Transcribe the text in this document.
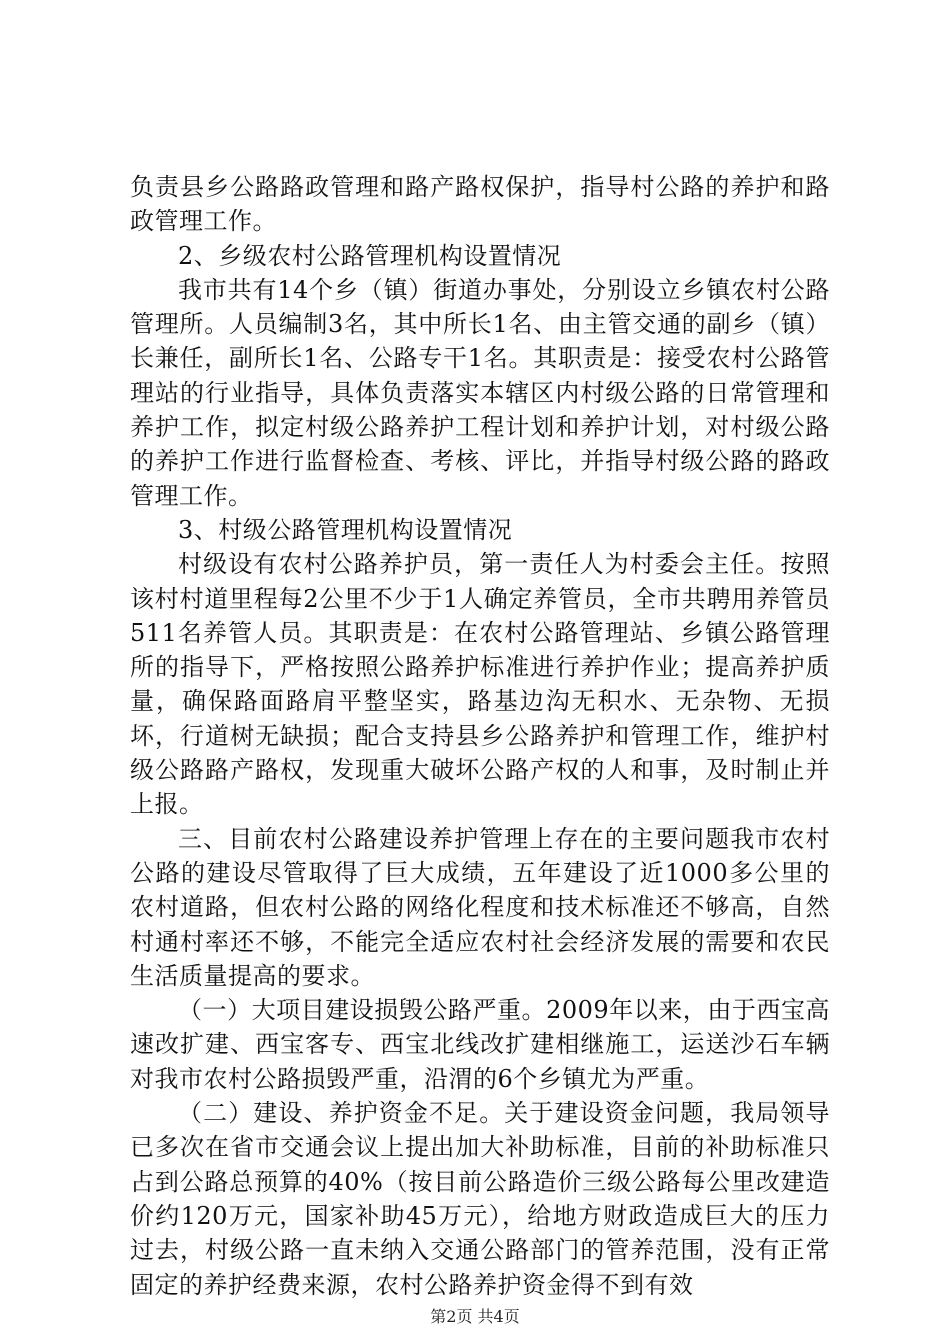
负责县乡公路路政管理和路产路权保护，指导村公路的养护和路政管理工作。

2、乡级农村公路管理机构设置情况

我市共有14个乡（镇）街道办事处，分别设立乡镇农村公路管理所。人员编制3名，其中所长1名、由主管交通的副乡（镇）长兼任，副所长1名、公路专干1名。其职责是：接受农村公路管理站的行业指导，具体负责落实本辖区内村级公路的日常管理和养护工作，拟定村级公路养护工程计划和养护计划，对村级公路的养护工作进行监督检查、考核、评比，并指导村级公路的路政管理工作。

3、村级公路管理机构设置情况

村级设有农村公路养护员，第一责任人为村委会主任。按照该村村道里程每2公里不少于1人确定养管员，全市共聘用养管员511名养管人员。其职责是：在农村公路管理站、乡镇公路管理所的指导下，严格按照公路养护标准进行养护作业；提高养护质量，确保路面路肩平整坚实，路基边沟无积水、无杂物、无损坏，行道树无缺损；配合支持县乡公路养护和管理工作，维护村级公路路产路权，发现重大破坏公路产权的人和事，及时制止并上报。

三、目前农村公路建设养护管理上存在的主要问题我市农村公路的建设尽管取得了巨大成绩，五年建设了近1000多公里的农村道路，但农村公路的网络化程度和技术标准还不够高，自然村通村率还不够，不能完全适应农村社会经济发展的需要和农民生活质量提高的要求。

（一）大项目建设损毁公路严重。2009年以来，由于西宝高速改扩建、西宝客专、西宝北线改扩建相继施工，运送沙石车辆对我市农村公路损毁严重，沿渭的6个乡镇尤为严重。

（二）建设、养护资金不足。关于建设资金问题，我局领导已多次在省市交通会议上提出加大补助标准，目前的补助标准只占到公路总预算的40%（按目前公路造价三级公路每公里改建造价约120万元，国家补助45万元），给地方财政造成巨大的压力过去，村级公路一直未纳入交通公路部门的管养范围，没有正常固定的养护经费来源，农村公路养护资金得不到有效

第2页 共4页
